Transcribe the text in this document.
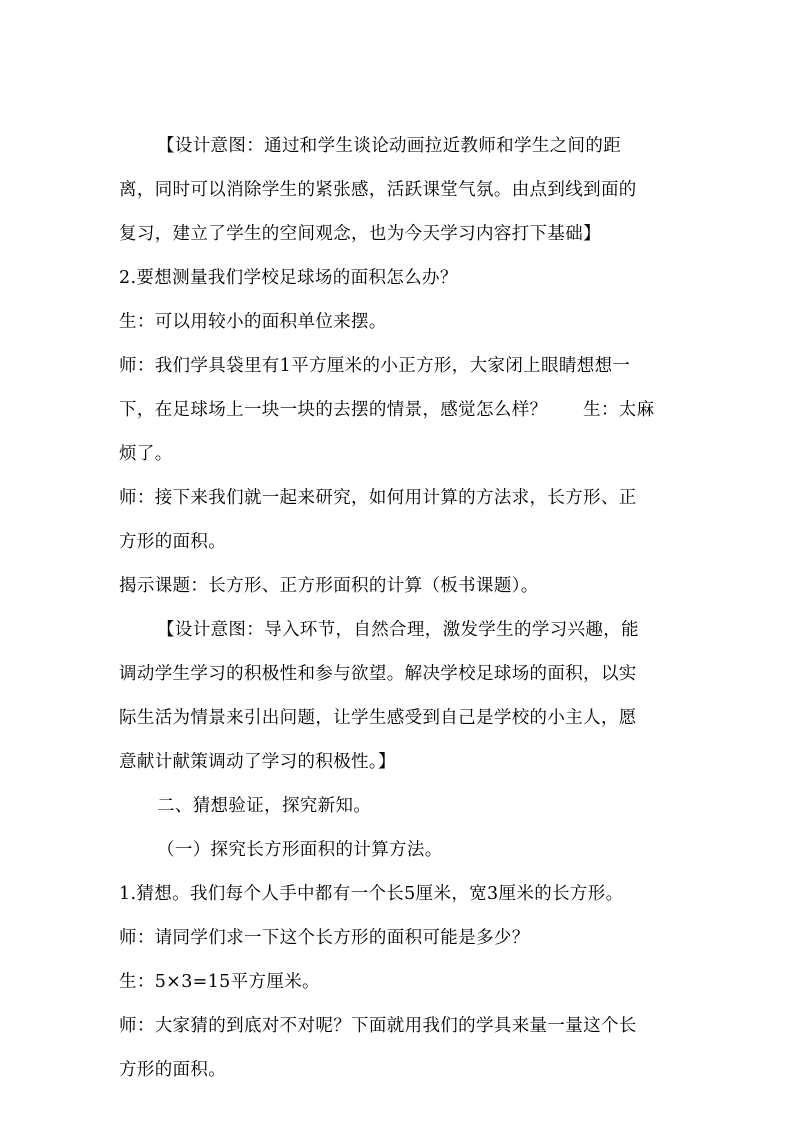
【设计意图：通过和学生谈论动画拉近教师和学生之间的距
离，同时可以消除学生的紧张感，活跃课堂气氛。由点到线到面的
复习，建立了学生的空间观念，也为今天学习内容打下基础】
2.要想测量我们学校足球场的面积怎么办？
生：可以用较小的面积单位来摆。
师：我们学具袋里有1平方厘米的小正方形，大家闭上眼睛想想一
下，在足球场上一块一块的去摆的情景，感觉怎么样？　　生：太麻
烦了。
师：接下来我们就一起来研究，如何用计算的方法求，长方形、正
方形的面积。
揭示课题：长方形、正方形面积的计算（板书课题）。
【设计意图：导入环节，自然合理，激发学生的学习兴趣，能
调动学生学习的积极性和参与欲望。解决学校足球场的面积，以实
际生活为情景来引出问题，让学生感受到自己是学校的小主人，愿
意献计献策调动了学习的积极性。】
二、猜想验证，探究新知。
（一）探究长方形面积的计算方法。
1.猜想。我们每个人手中都有一个长5厘米，宽3厘米的长方形。
师：请同学们求一下这个长方形的面积可能是多少？
生：5×3=15平方厘米。
师：大家猜的到底对不对呢？下面就用我们的学具来量一量这个长
方形的面积。
